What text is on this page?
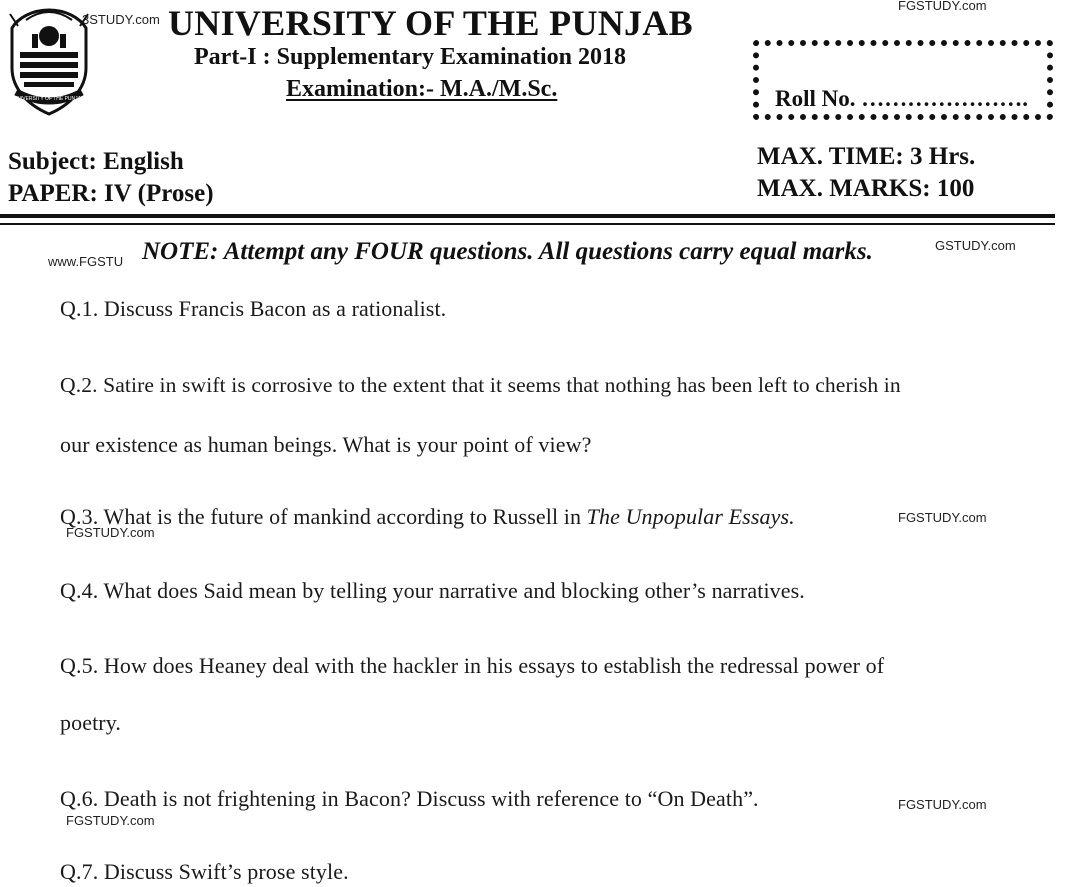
UNIVERSITY OF THE PUNJAB
3STUDY.com
FGSTUDY.com
UNIVERSITY OF THE PUNJAB
Part-I : Supplementary Examination 2018
Examination:- M.A./M.Sc.	Roll No. ………………….
Subject: English
PAPER: IV (Prose)
MAX. TIME: 3 Hrs.
MAX. MARKS: 100
www.FGSTU NOTE: Attempt any FOUR questions. All questions carry equal marks.	GSTUDY.com
Q.1. Discuss Francis Bacon as a rationalist.
Q.2. Satire in swift is corrosive to the extent that it seems that nothing has been left to cherish in
our existence as human beings. What is your point of view?
Q.3. What is the future of mankind according to Russell in The Unpopular Essays.	FGSTUDY.com
FGSTUDY.com
Q.4. What does Said mean by telling your narrative and blocking other’s narratives.
Q.5. How does Heaney deal with the hackler in his essays to establish the redressal power of
poetry.
Q.6. Death is not frightening in Bacon? Discuss with reference to “On Death”.	FGSTUDY.com
FGSTUDY.com
Q.7. Discuss Swift’s prose style.
